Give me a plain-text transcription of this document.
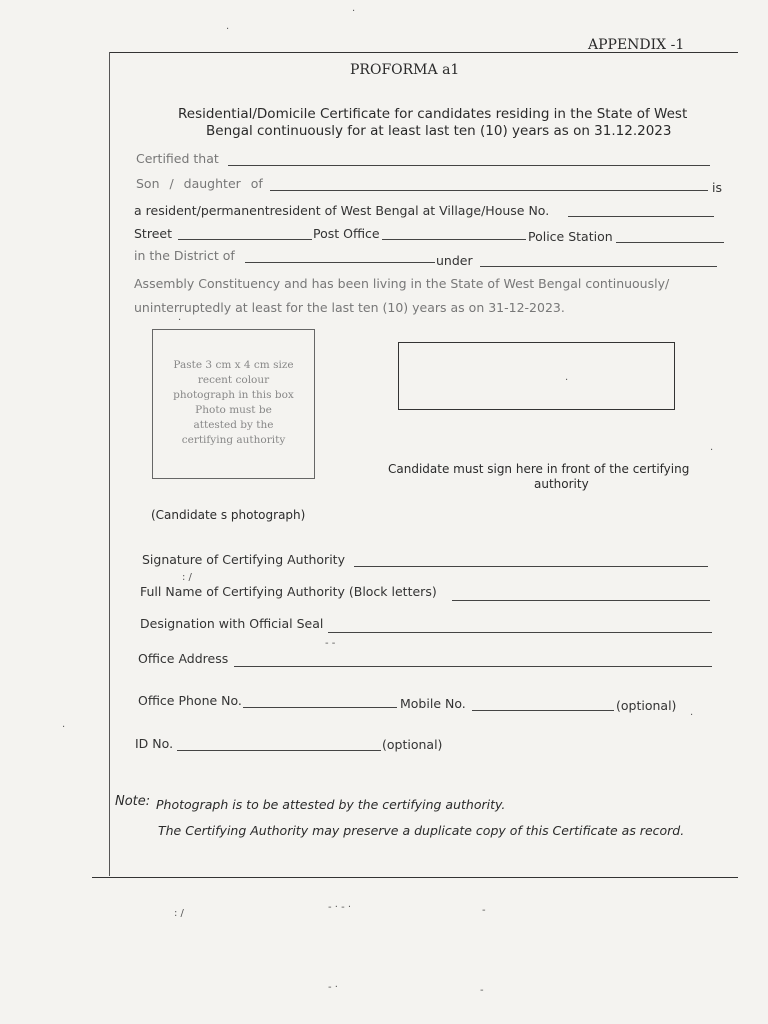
APPENDIX -1
PROFORMA a1
Residential/Domicile Certificate for candidates residing in the State of West
Bengal continuously for at least last ten (10) years as on 31.12.2023
Certified that
Son / daughter of	is
a resident/permanentresident of West Bengal at Village/House No.
Street	Post Office	Police Station
in the District of	under
Assembly Constituency and has been living in the State of West Bengal continuously/
uninterruptedly at least for the last ten (10) years as on 31-12-2023.
Paste 3 cm x 4 cm size
recent colour
photograph in this box
Photo must be
attested by the
certifying authority
(Candidate s photograph)
Candidate must sign here in front of the certifying
authority
Signature of Certifying Authority
Full Name of Certifying Authority (Block letters)
Designation with Official Seal
Office Address
Office Phone No.	Mobile No.	(optional)
ID No.	(optional)
Note: Photograph is to be attested by the certifying authority.
The Certifying Authority may preserve a duplicate copy of this Certificate as record.
·
·
·
·
·
: /
- -
·
·
: /
- · - ·	-
- ·	-
